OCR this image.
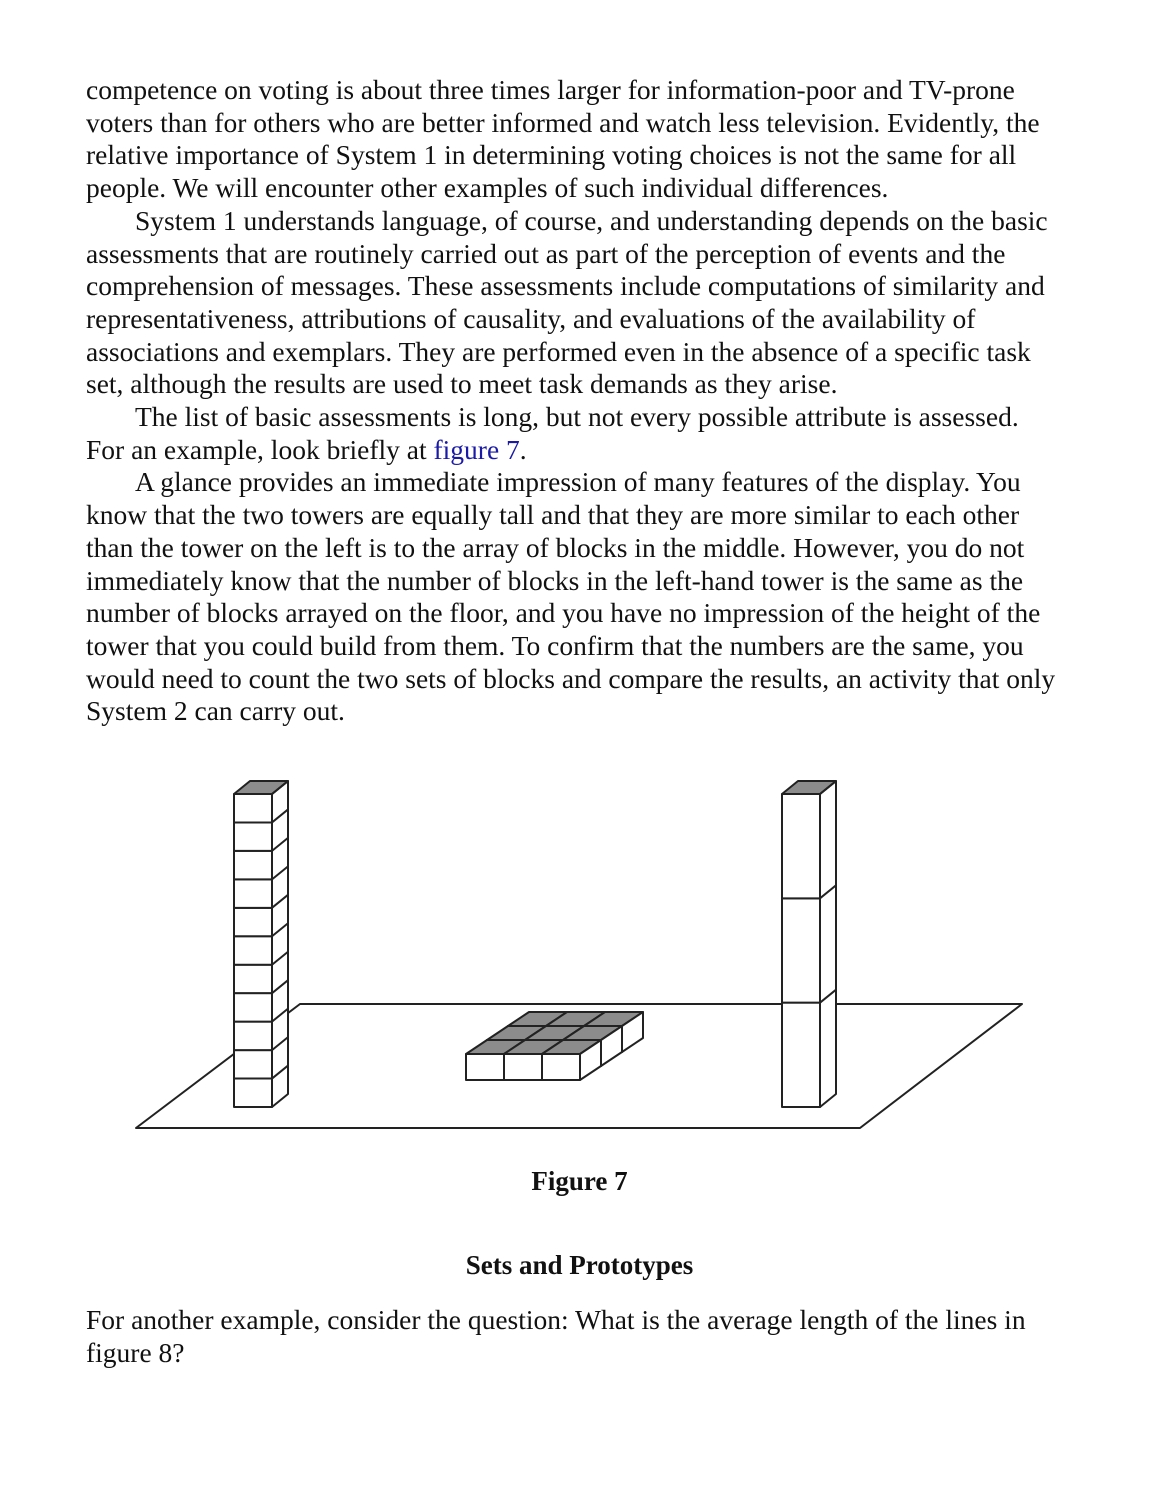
competence on voting is about three times larger for information-poor and TV-prone
voters than for others who are better informed and watch less television. Evidently, the
relative importance of System 1 in determining voting choices is not the same for all
people. We will encounter other examples of such individual differences.

System 1 understands language, of course, and understanding depends on the basic
assessments that are routinely carried out as part of the perception of events and the
comprehension of messages. These assessments include computations of similarity and
representativeness, attributions of causality, and evaluations of the availability of
associations and exemplars. They are performed even in the absence of a specific task
set, although the results are used to meet task demands as they arise.

The list of basic assessments is long, but not every possible attribute is assessed.
For an example, look briefly at figure 7.

A glance provides an immediate impression of many features of the display. You
know that the two towers are equally tall and that they are more similar to each other
than the tower on the left is to the array of blocks in the middle. However, you do not
immediately know that the number of blocks in the left-hand tower is the same as the
number of blocks arrayed on the floor, and you have no impression of the height of the
tower that you could build from them. To confirm that the numbers are the same, you
would need to count the two sets of blocks and compare the results, an activity that only
System 2 can carry out.

Figure 7
Sets and Prototypes

For another example, consider the question: What is the average length of the lines in
figure 8?
